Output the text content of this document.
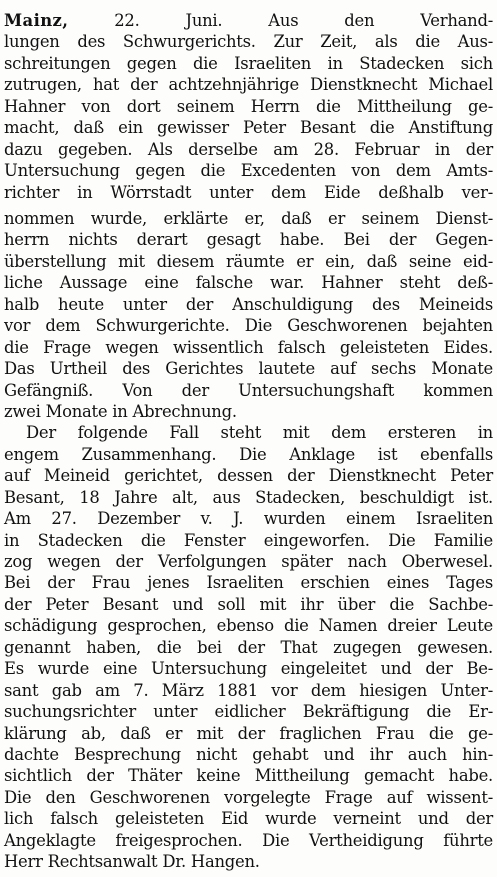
Mainz, 22. Juni. Aus den Verhand-
lungen des Schwurgerichts. Zur Zeit, als die Aus-
schreitungen gegen die Israeliten in Stadecken sich
zutrugen, hat der achtzehnjährige Dienstknecht Michael
Hahner von dort seinem Herrn die Mittheilung ge-
macht, daß ein gewisser Peter Besant die Anstiftung
dazu gegeben. Als derselbe am 28. Februar in der
Untersuchung gegen die Excedenten von dem Amts-
richter in Wörrstadt unter dem Eide deßhalb ver-
nommen wurde, erklärte er, daß er seinem Dienst-
herrn nichts derart gesagt habe. Bei der Gegen-
überstellung mit diesem räumte er ein, daß seine eid-
liche Aussage eine falsche war. Hahner steht deß-
halb heute unter der Anschuldigung des Meineids
vor dem Schwurgerichte. Die Geschworenen bejahten
die Frage wegen wissentlich falsch geleisteten Eides.
Das Urtheil des Gerichtes lautete auf sechs Monate
Gefängniß. Von der Untersuchungshaft kommen
zwei Monate in Abrechnung.
Der folgende Fall steht mit dem ersteren in
engem Zusammenhang. Die Anklage ist ebenfalls
auf Meineid gerichtet, dessen der Dienstknecht Peter
Besant, 18 Jahre alt, aus Stadecken, beschuldigt ist.
Am 27. Dezember v. J. wurden einem Israeliten
in Stadecken die Fenster eingeworfen. Die Familie
zog wegen der Verfolgungen später nach Oberwesel.
Bei der Frau jenes Israeliten erschien eines Tages
der Peter Besant und soll mit ihr über die Sachbe-
schädigung gesprochen, ebenso die Namen dreier Leute
genannt haben, die bei der That zugegen gewesen.
Es wurde eine Untersuchung eingeleitet und der Be-
sant gab am 7. März 1881 vor dem hiesigen Unter-
suchungsrichter unter eidlicher Bekräftigung die Er-
klärung ab, daß er mit der fraglichen Frau die ge-
dachte Besprechung nicht gehabt und ihr auch hin-
sichtlich der Thäter keine Mittheilung gemacht habe.
Die den Geschworenen vorgelegte Frage auf wissent-
lich falsch geleisteten Eid wurde verneint und der
Angeklagte freigesprochen. Die Vertheidigung führte
Herr Rechtsanwalt Dr. Hangen.
